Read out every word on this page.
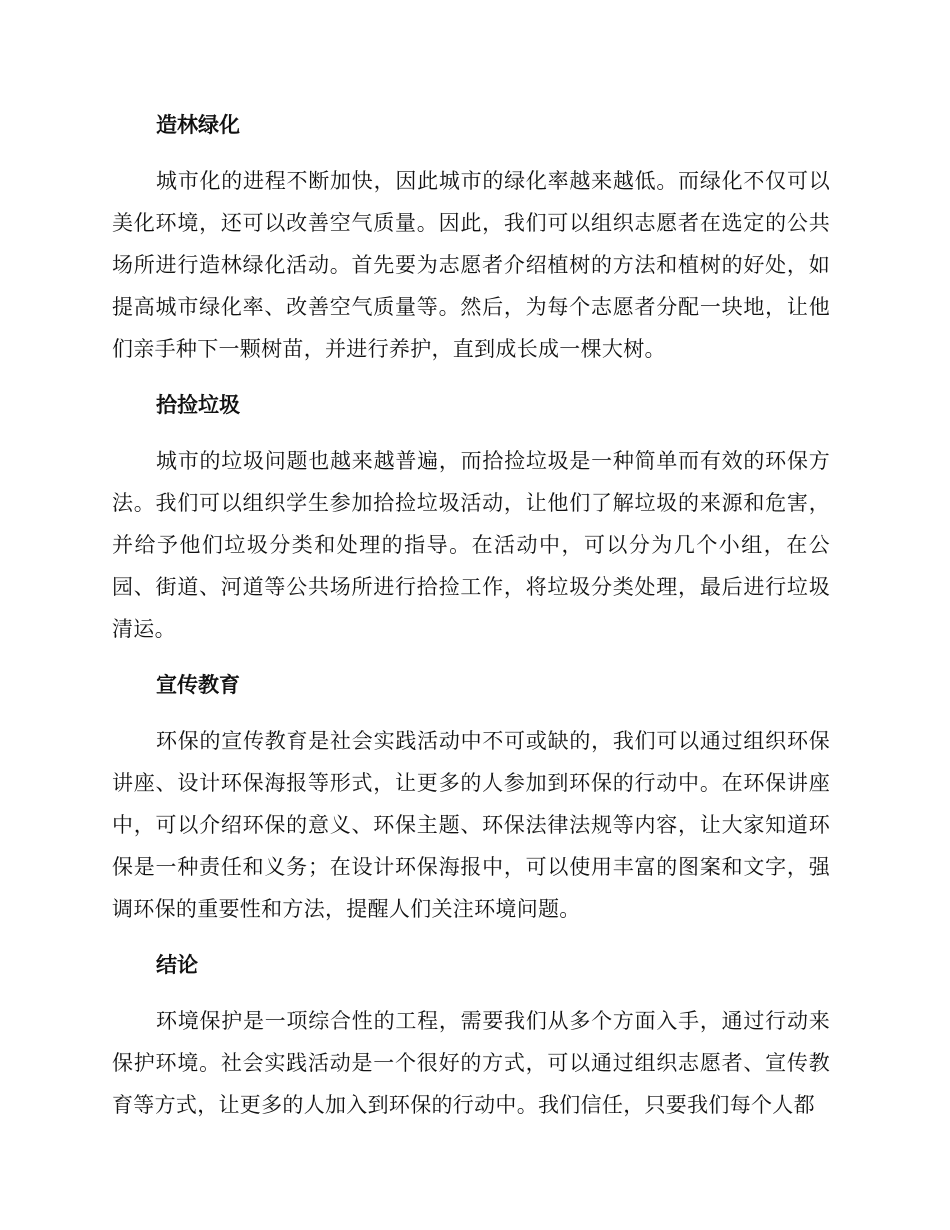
造林绿化

城市化的进程不断加快，因此城市的绿化率越来越低。而绿化不仅可以美化环境，还可以改善空气质量。因此，我们可以组织志愿者在选定的公共场所进行造林绿化活动。首先要为志愿者介绍植树的方法和植树的好处，如提高城市绿化率、改善空气质量等。然后，为每个志愿者分配一块地，让他们亲手种下一颗树苗，并进行养护，直到成长成一棵大树。

拾捡垃圾

城市的垃圾问题也越来越普遍，而拾捡垃圾是一种简单而有效的环保方法。我们可以组织学生参加拾捡垃圾活动，让他们了解垃圾的来源和危害，并给予他们垃圾分类和处理的指导。在活动中，可以分为几个小组，在公园、街道、河道等公共场所进行拾捡工作，将垃圾分类处理，最后进行垃圾清运。

宣传教育

环保的宣传教育是社会实践活动中不可或缺的，我们可以通过组织环保讲座、设计环保海报等形式，让更多的人参加到环保的行动中。在环保讲座中，可以介绍环保的意义、环保主题、环保法律法规等内容，让大家知道环保是一种责任和义务；在设计环保海报中，可以使用丰富的图案和文字，强调环保的重要性和方法，提醒人们关注环境问题。

结论

环境保护是一项综合性的工程，需要我们从多个方面入手，通过行动来保护环境。社会实践活动是一个很好的方式，可以通过组织志愿者、宣传教育等方式，让更多的人加入到环保的行动中。我们信任，只要我们每个人都
